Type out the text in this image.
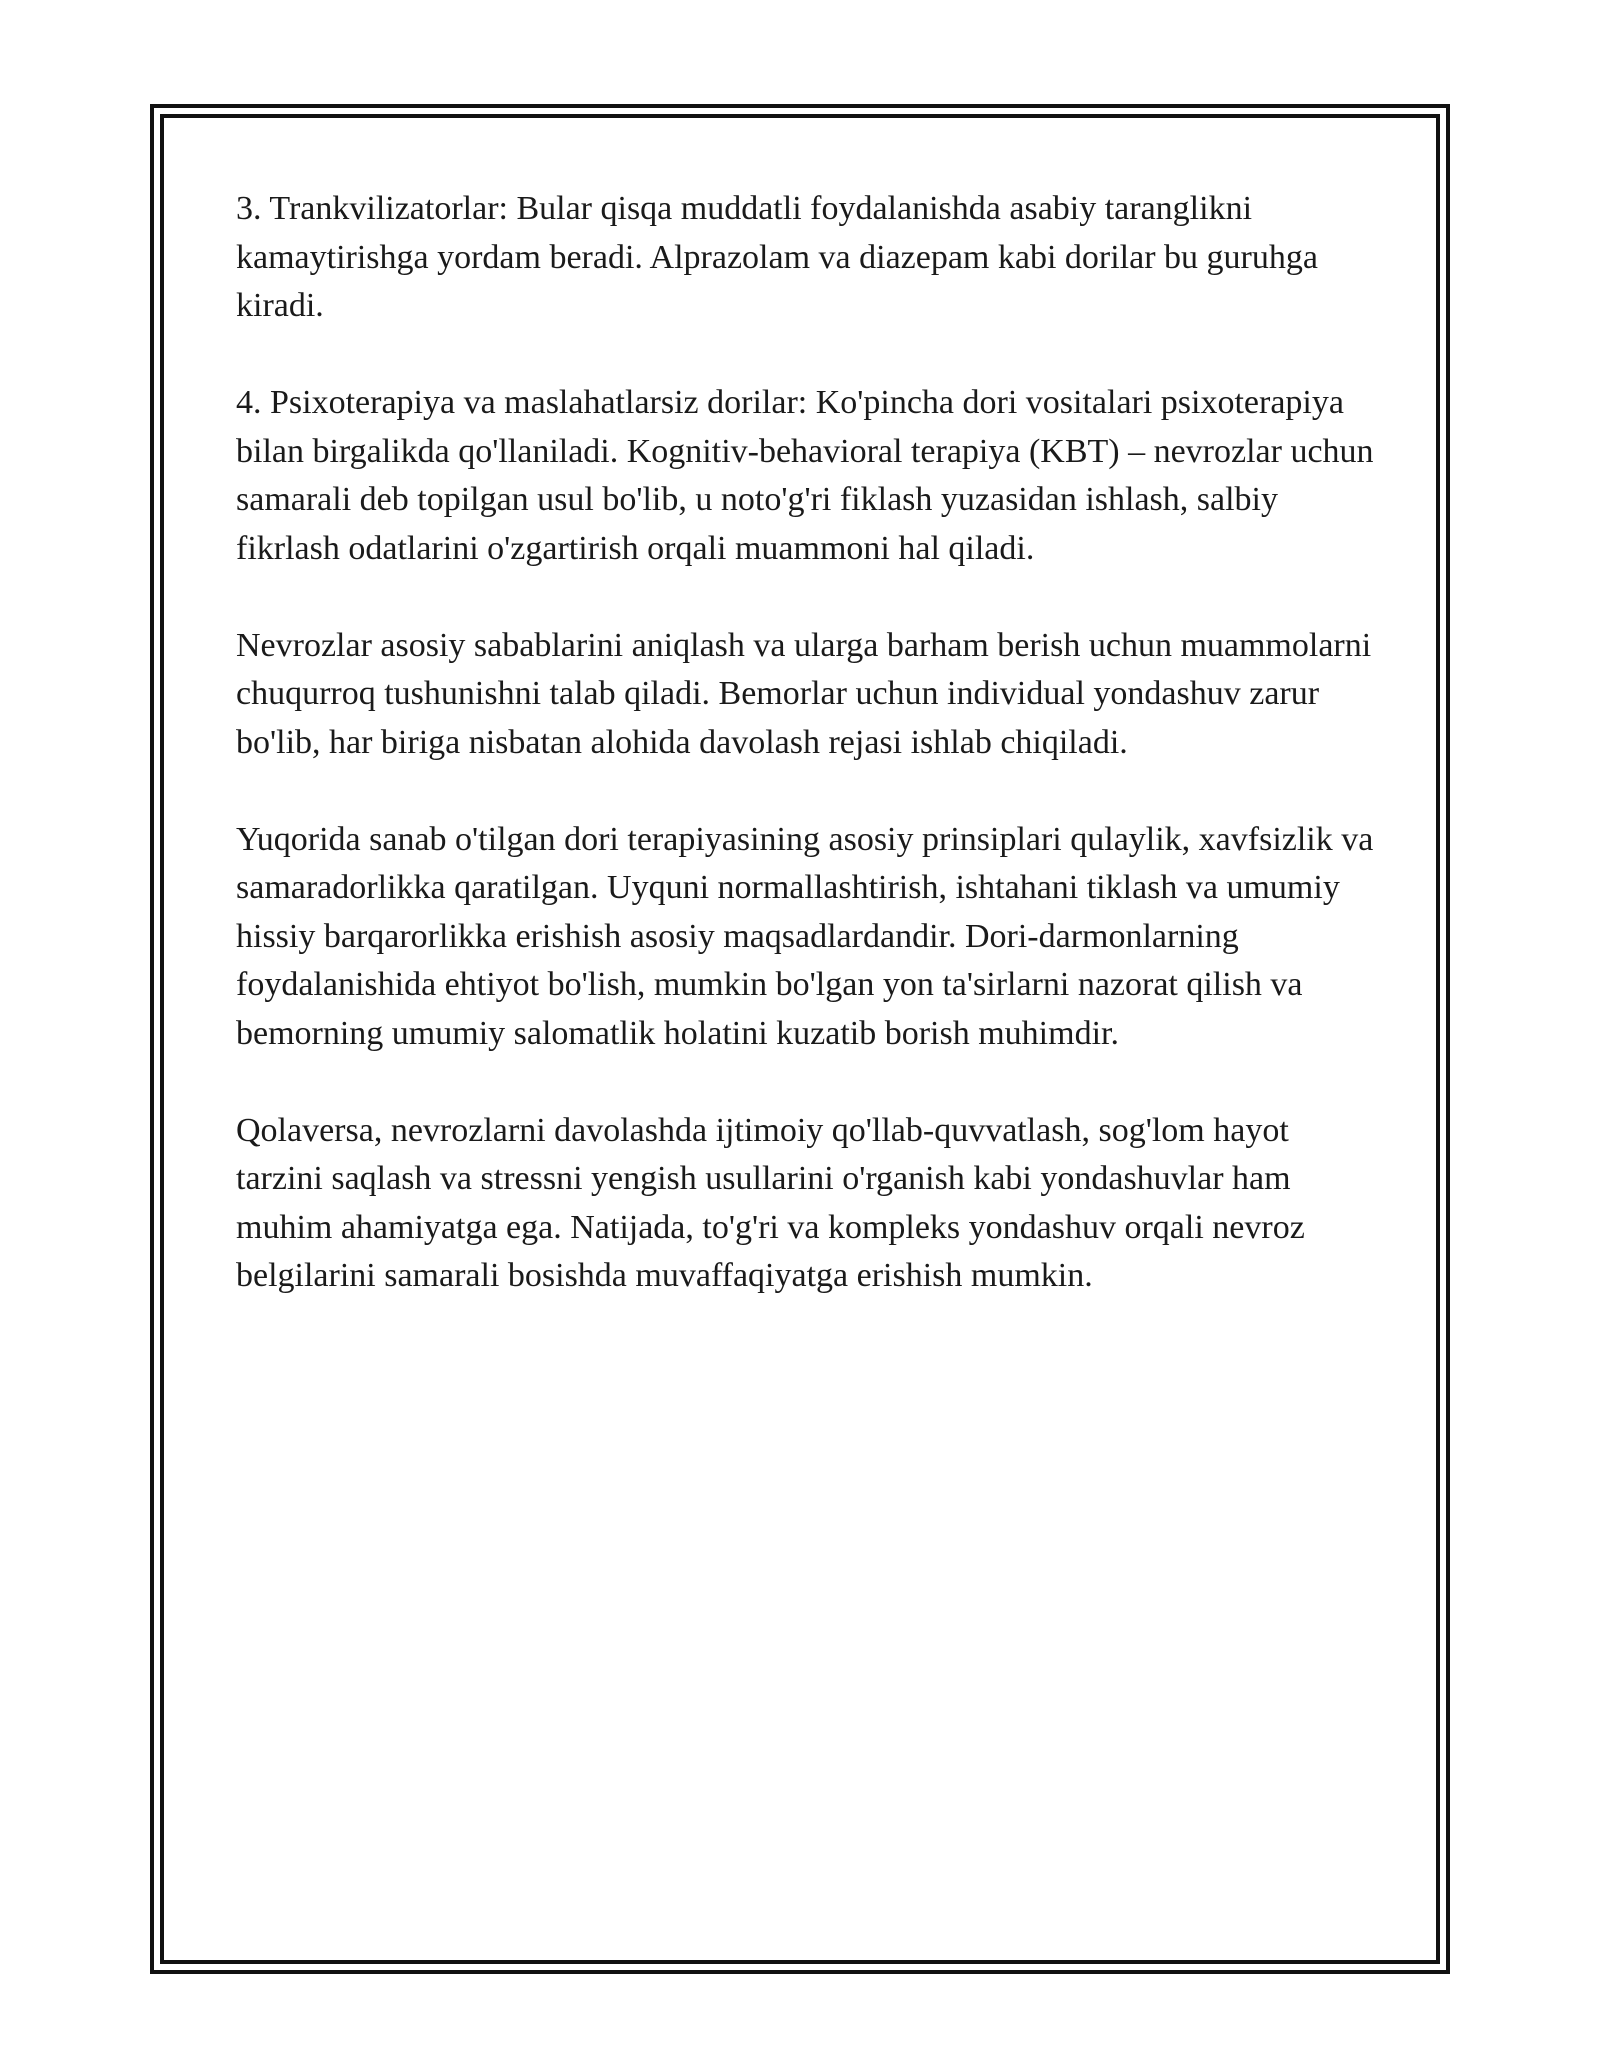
3. Trankvilizatorlar: Bular qisqa muddatli foydalanishda asabiy taranglikni kamaytirishga yordam beradi. Alprazolam va diazepam kabi dorilar bu guruhga kiradi.

4. Psixoterapiya va maslahatlarsiz dorilar: Ko'pincha dori vositalari psixoterapiya bilan birgalikda qo'llaniladi. Kognitiv-behavioral terapiya (KBT) – nevrozlar uchun samarali deb topilgan usul bo'lib, u noto'g'ri fiklash yuzasidan ishlash, salbiy fikrlash odatlarini o'zgartirish orqali muammoni hal qiladi.

Nevrozlar asosiy sabablarini aniqlash va ularga barham berish uchun muammolarni chuqurroq tushunishni talab qiladi. Bemorlar uchun individual yondashuv zarur bo'lib, har biriga nisbatan alohida davolash rejasi ishlab chiqiladi.

Yuqorida sanab o'tilgan dori terapiyasining asosiy prinsiplari qulaylik, xavfsizlik va samaradorlikka qaratilgan. Uyquni normallashtirish, ishtahani tiklash va umumiy hissiy barqarorlikka erishish asosiy maqsadlardandir. Dori-darmonlarning foydalanishida ehtiyot bo'lish, mumkin bo'lgan yon ta'sirlarni nazorat qilish va bemorning umumiy salomatlik holatini kuzatib borish muhimdir.

Qolaversa, nevrozlarni davolashda ijtimoiy qo'llab-quvvatlash, sog'lom hayot tarzini saqlash va stressni yengish usullarini o'rganish kabi yondashuvlar ham muhim ahamiyatga ega. Natijada, to'g'ri va kompleks yondashuv orqali nevroz belgilarini samarali bosishda muvaffaqiyatga erishish mumkin.
